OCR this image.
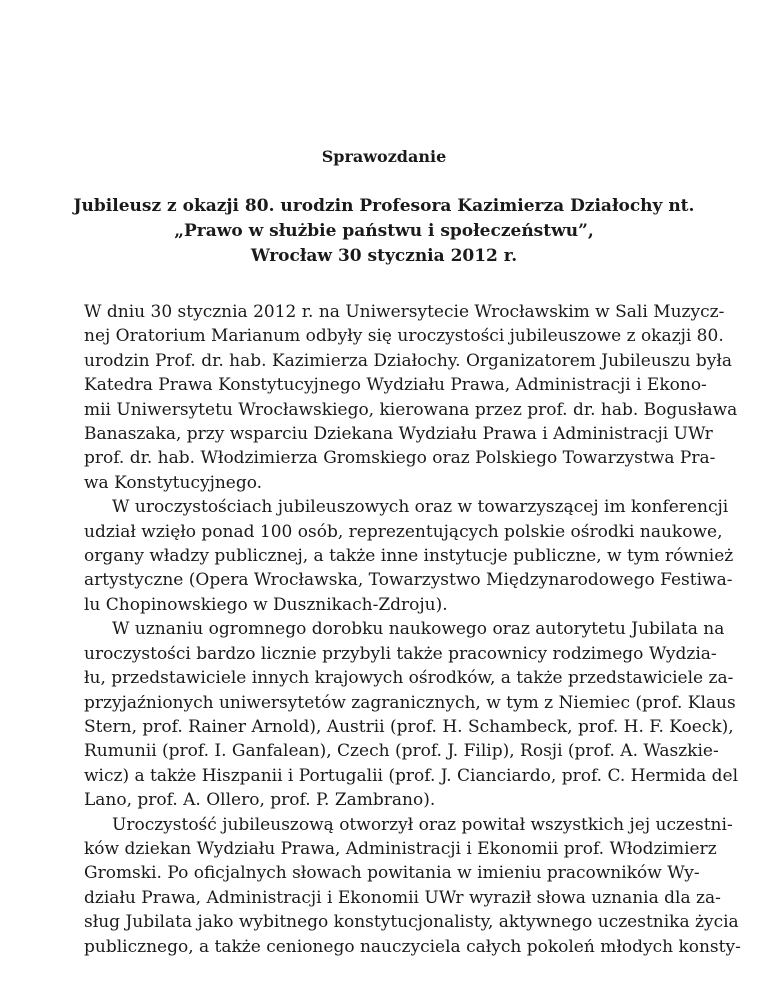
Sprawozdanie
Jubileusz z okazji 80. urodzin Profesora Kazimierza Działochy nt.
„Prawo w służbie państwu i społeczeństwu”,
Wrocław 30 stycznia 2012 r.

W dniu 30 stycznia 2012 r. na Uniwersytecie Wrocławskim w Sali Muzycz-
nej Oratorium Marianum odbyły się uroczystości jubileuszowe z okazji 80.
urodzin Prof. dr. hab. Kazimierza Działochy. Organizatorem Jubileuszu była
Katedra Prawa Konstytucyjnego Wydziału Prawa, Administracji i Ekono-
mii Uniwersytetu Wrocławskiego, kierowana przez prof. dr. hab. Bogusława
Banaszaka, przy wsparciu Dziekana Wydziału Prawa i Administracji UWr
prof. dr. hab. Włodzimierza Gromskiego oraz Polskiego Towarzystwa Pra-
wa Konstytucyjnego.

W uroczystościach jubileuszowych oraz w towarzyszącej im konferencji
udział wzięło ponad 100 osób, reprezentujących polskie ośrodki naukowe,
organy władzy publicznej, a także inne instytucje publiczne, w tym również
artystyczne (Opera Wrocławska, Towarzystwo Międzynarodowego Festiwa-
lu Chopinowskiego w Dusznikach-Zdroju).

W uznaniu ogromnego dorobku naukowego oraz autorytetu Jubilata na
uroczystości bardzo licznie przybyli także pracownicy rodzimego Wydzia-
łu, przedstawiciele innych krajowych ośrodków, a także przedstawiciele za-
przyjaźnionych uniwersytetów zagranicznych, w tym z Niemiec (prof. Klaus
Stern, prof. Rainer Arnold), Austrii (prof. H. Schambeck, prof. H. F. Koeck),
Rumunii (prof. I. Ganfalean), Czech (prof. J. Filip), Rosji (prof. A. Waszkie-
wicz) a także Hiszpanii i Portugalii (prof. J. Cianciardo, prof. C. Hermida del
Lano, prof. A. Ollero, prof. P. Zambrano).

Uroczystość jubileuszową otworzył oraz powitał wszystkich jej uczestni-
ków dziekan Wydziału Prawa, Administracji i Ekonomii prof. Włodzimierz
Gromski. Po oficjalnych słowach powitania w imieniu pracowników Wy-
działu Prawa, Administracji i Ekonomii UWr wyraził słowa uznania dla za-
sług Jubilata jako wybitnego konstytucjonalisty, aktywnego uczestnika życia
publicznego, a także cenionego nauczyciela całych pokoleń młodych konsty-
